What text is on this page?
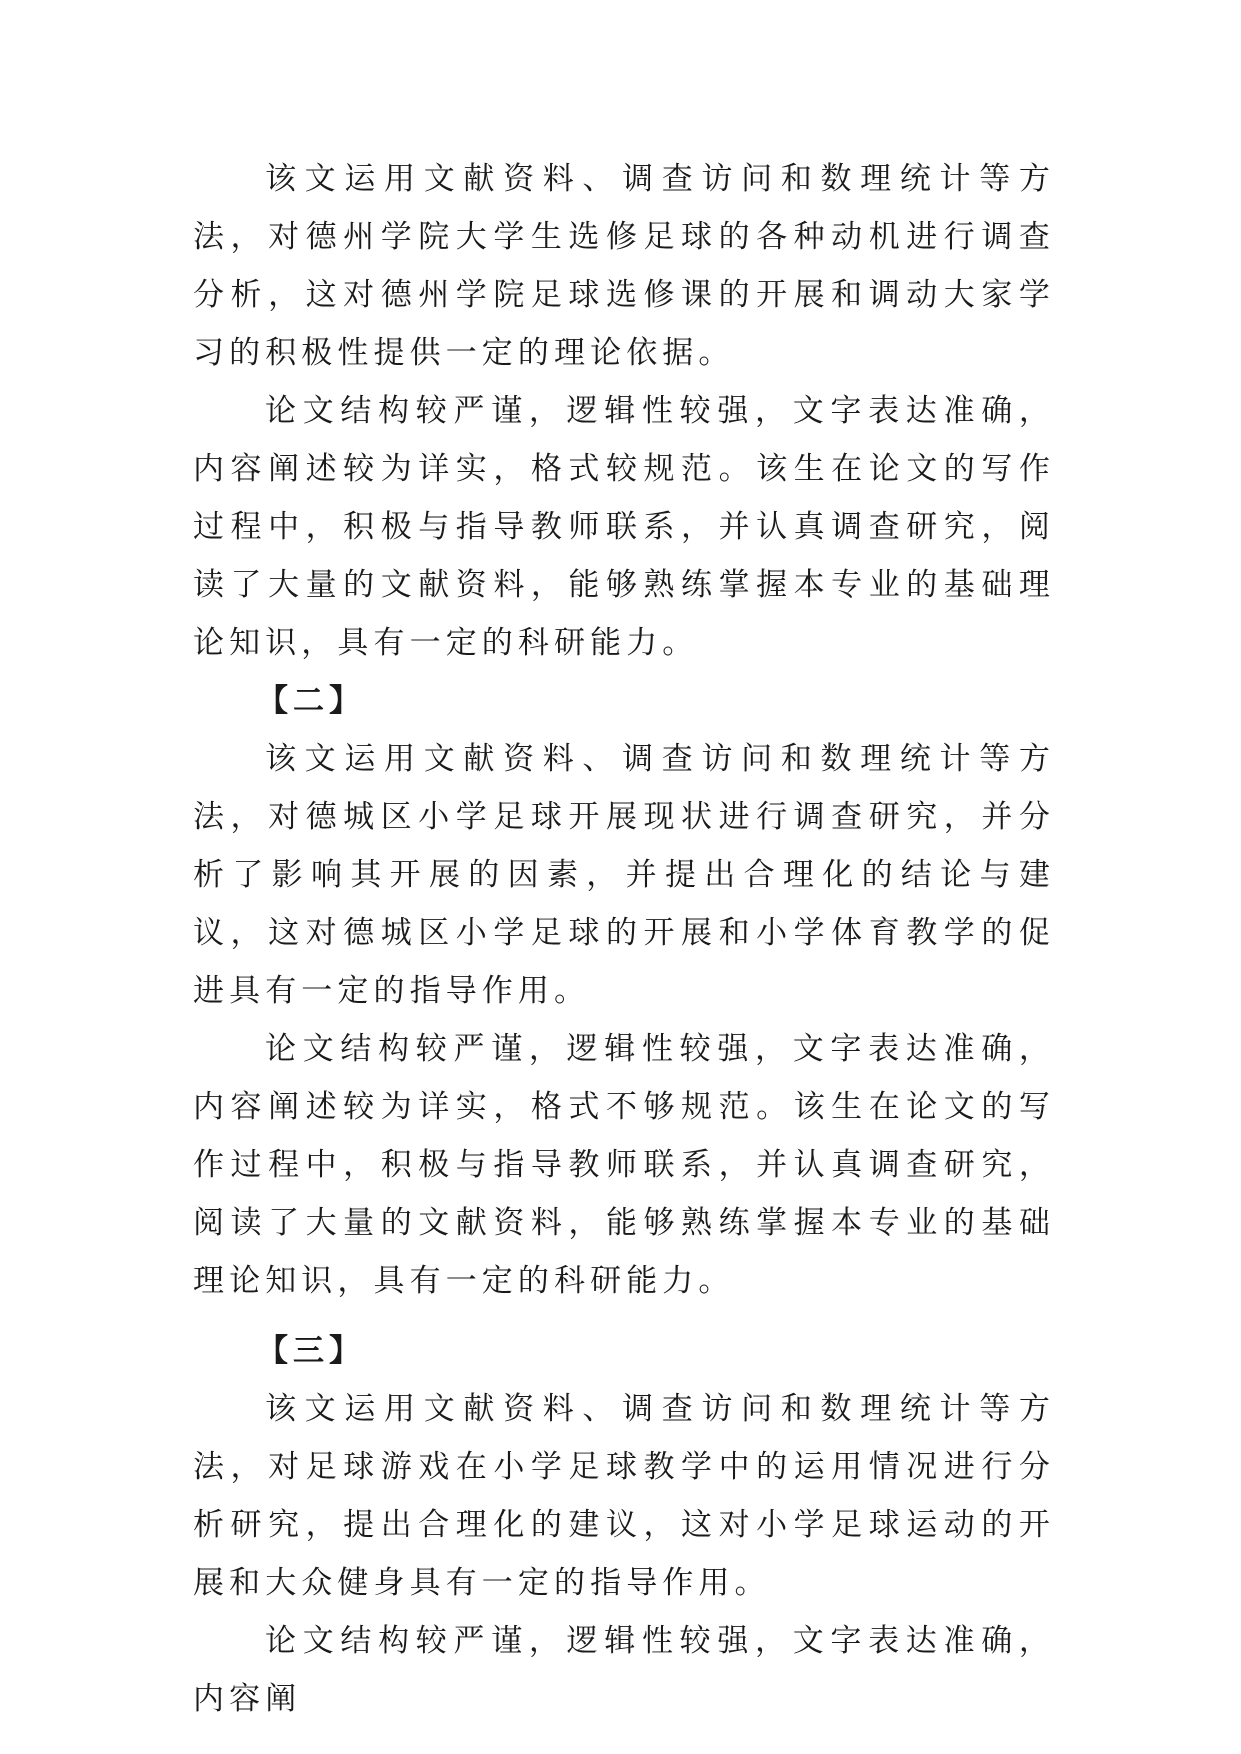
该文运用文献资料、调查访问和数理统计等方法，对德州学院大学生选修足球的各种动机进行调查分析，这对德州学院足球选修课的开展和调动大家学习的积极性提供一定的理论依据。

论文结构较严谨，逻辑性较强，文字表达准确，内容阐述较为详实，格式较规范。该生在论文的写作过程中，积极与指导教师联系，并认真调查研究，阅读了大量的文献资料，能够熟练掌握本专业的基础理论知识，具有一定的科研能力。

【二】

该文运用文献资料、调查访问和数理统计等方法，对德城区小学足球开展现状进行调查研究，并分析了影响其开展的因素，并提出合理化的结论与建议，这对德城区小学足球的开展和小学体育教学的促进具有一定的指导作用。

论文结构较严谨，逻辑性较强，文字表达准确，内容阐述较为详实，格式不够规范。该生在论文的写作过程中，积极与指导教师联系，并认真调查研究，阅读了大量的文献资料，能够熟练掌握本专业的基础理论知识，具有一定的科研能力。

【三】

该文运用文献资料、调查访问和数理统计等方法，对足球游戏在小学足球教学中的运用情况进行分析研究，提出合理化的建议，这对小学足球运动的开展和大众健身具有一定的指导作用。

论文结构较严谨，逻辑性较强，文字表达准确，内容阐
